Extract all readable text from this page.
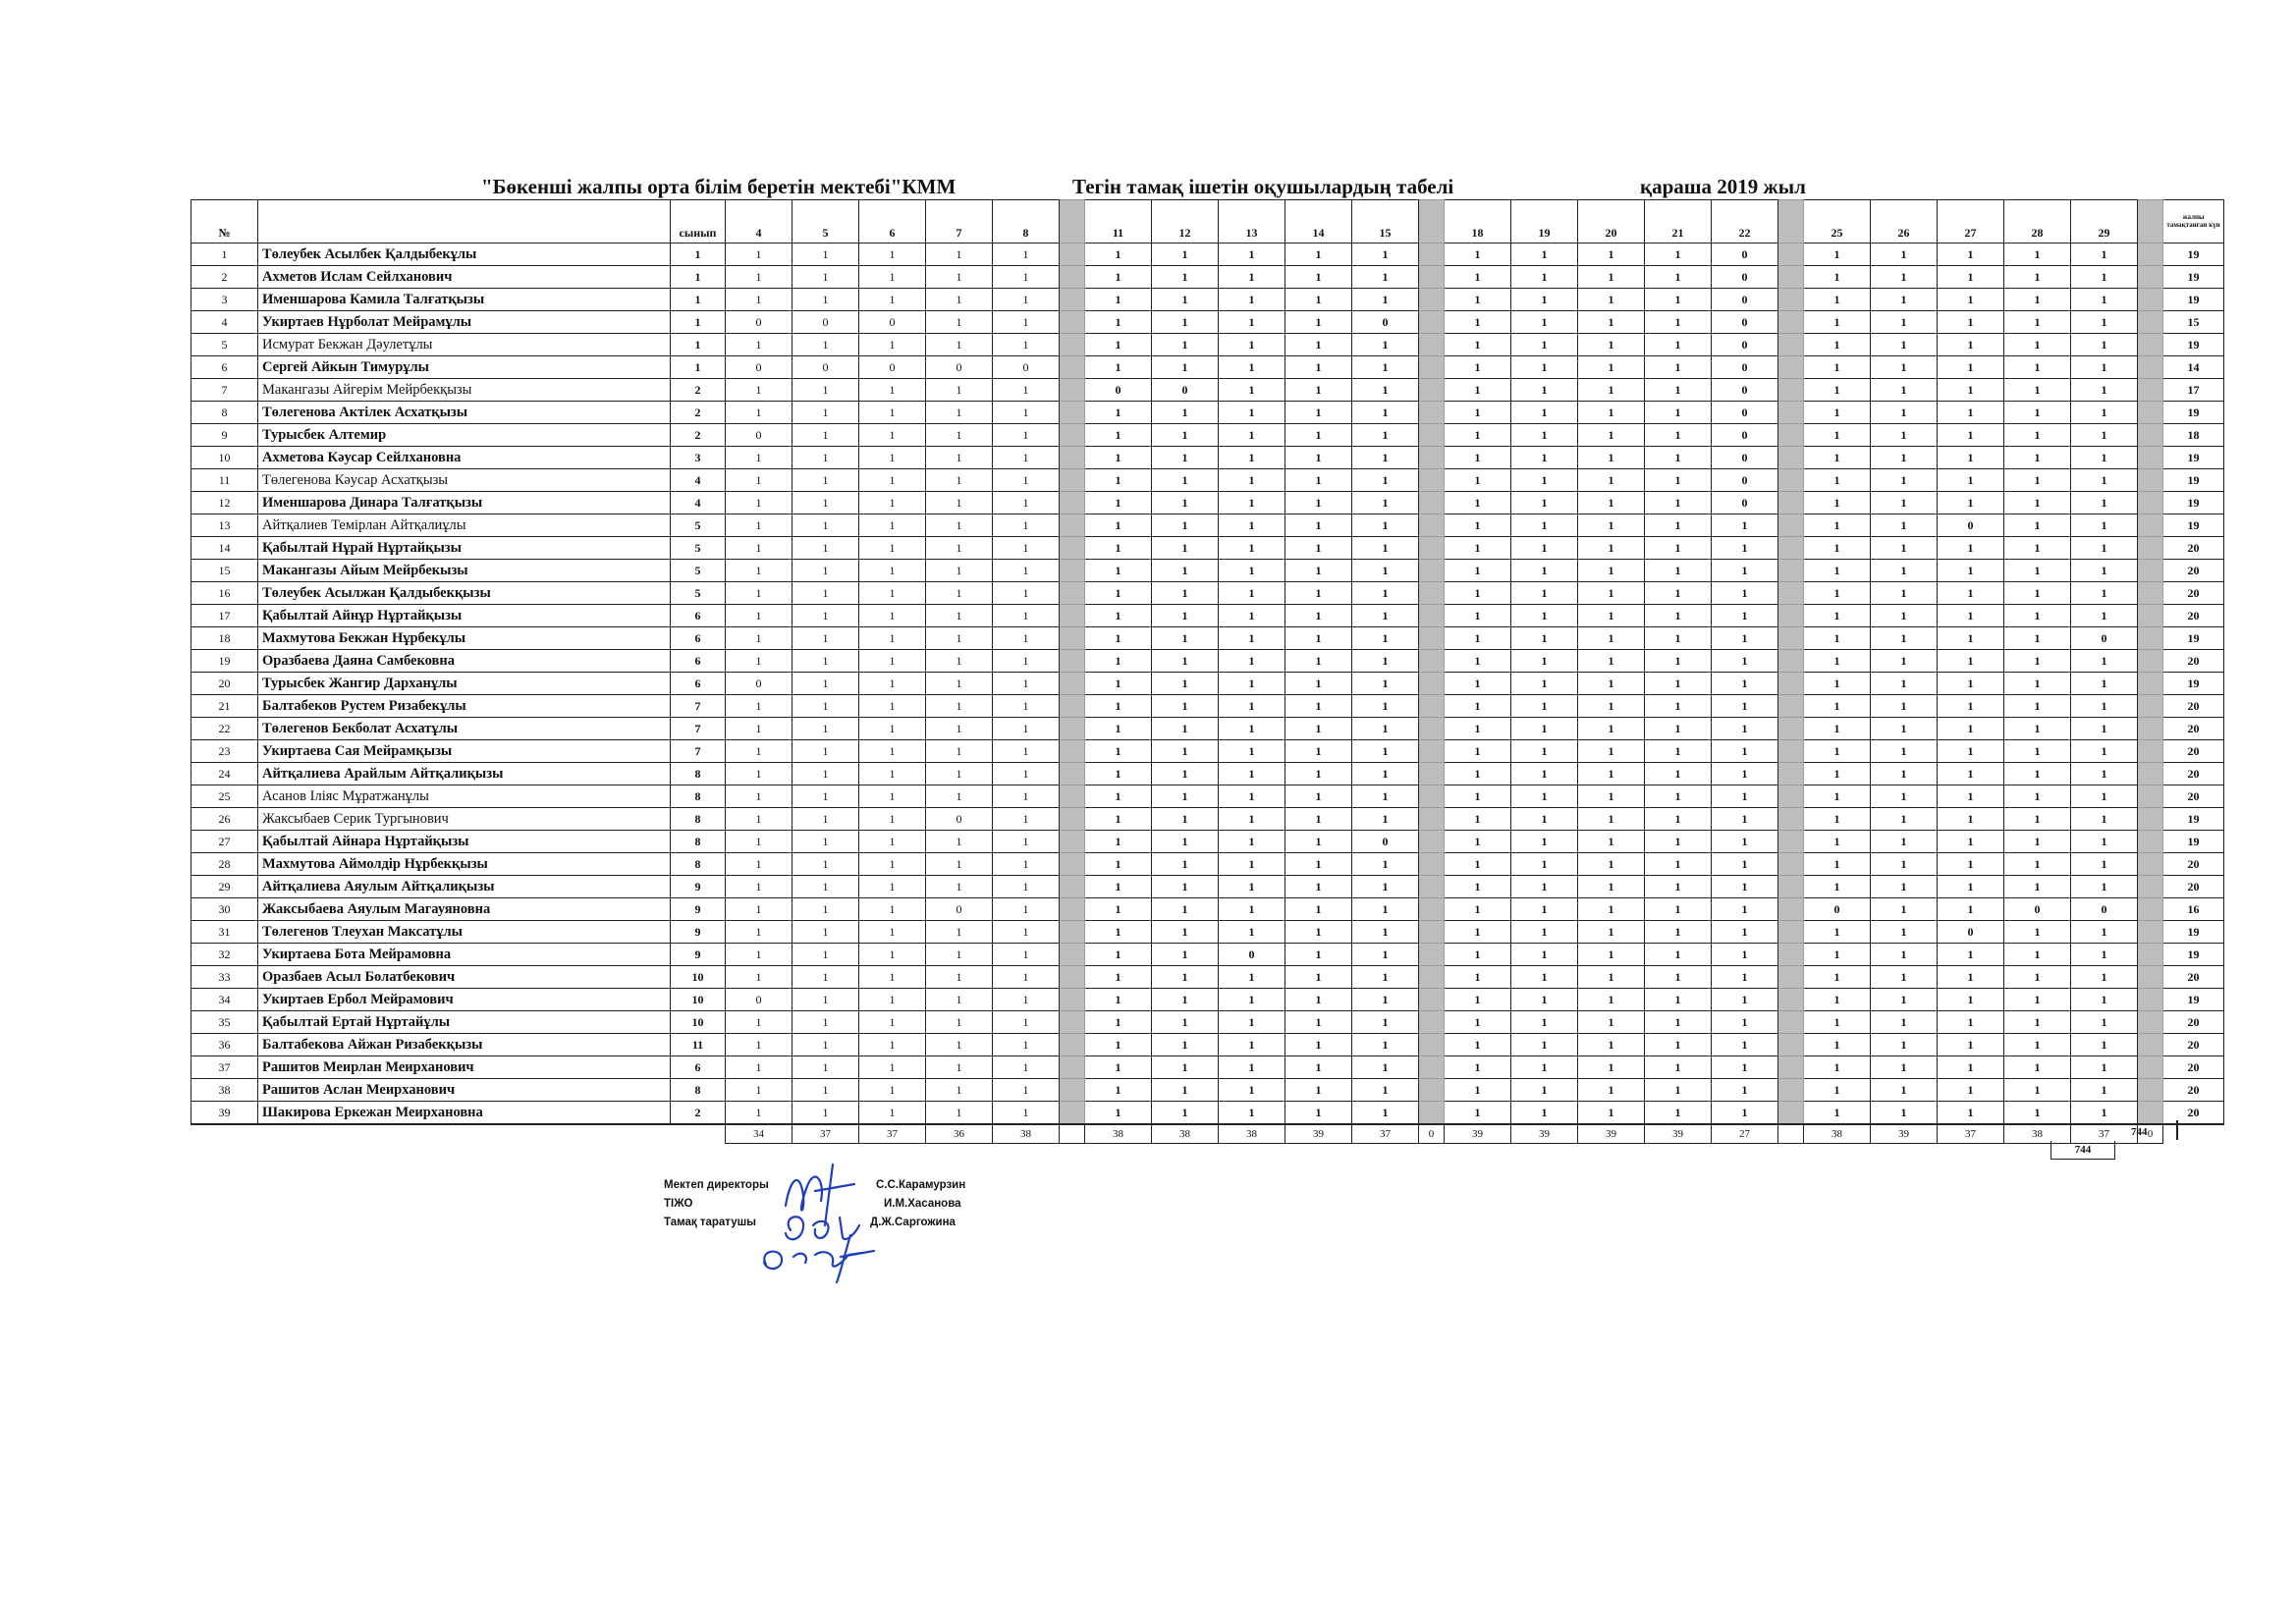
"Бөкенші жалпы орта білім беретін мектебі"КММ	Тегін тамақ ішетін оқушылардың табелі	қараша 2019 жыл
№		сынып	4	5	6	7	8		11	12	13	14	15		18	19	20	21	22		25	26	27	28	29		жалпы тамақтанған күн
1	Төлеубек Асылбек Қалдыбекұлы	1	1	1	1	1	1		1	1	1	1	1		1	1	1	1	0		1	1	1	1	1		19
2	Ахметов Ислам Сейлханович	1	1	1	1	1	1		1	1	1	1	1		1	1	1	1	0		1	1	1	1	1		19
3	Именшарова Камила Талғатқызы	1	1	1	1	1	1		1	1	1	1	1		1	1	1	1	0		1	1	1	1	1		19
4	Укиртаев Нұрболат Мейрамұлы	1	0	0	0	1	1		1	1	1	1	0		1	1	1	1	0		1	1	1	1	1		15
5	Исмурат Бекжан Дәулетұлы	1	1	1	1	1	1		1	1	1	1	1		1	1	1	1	0		1	1	1	1	1		19
6	Сергей Айкын Тимурұлы	1	0	0	0	0	0		1	1	1	1	1		1	1	1	1	0		1	1	1	1	1		14
7	Макангазы Айгерім Мейрбекқызы	2	1	1	1	1	1		0	0	1	1	1		1	1	1	1	0		1	1	1	1	1		17
8	Төлегенова Актілек Асхатқызы	2	1	1	1	1	1		1	1	1	1	1		1	1	1	1	0		1	1	1	1	1		19
9	Турысбек Алтемир	2	0	1	1	1	1		1	1	1	1	1		1	1	1	1	0		1	1	1	1	1		18
10	Ахметова Кәусар Сейлхановна	3	1	1	1	1	1		1	1	1	1	1		1	1	1	1	0		1	1	1	1	1		19
11	Төлегенова Кәусар Асхатқызы	4	1	1	1	1	1		1	1	1	1	1		1	1	1	1	0		1	1	1	1	1		19
12	Именшарова Динара Талғатқызы	4	1	1	1	1	1		1	1	1	1	1		1	1	1	1	0		1	1	1	1	1		19
13	Айтқалиев Темірлан Айтқалиұлы	5	1	1	1	1	1		1	1	1	1	1		1	1	1	1	1		1	1	0	1	1		19
14	Қабылтай Нұрай Нұртайқызы	5	1	1	1	1	1		1	1	1	1	1		1	1	1	1	1		1	1	1	1	1		20
15	Макангазы Айым Мейрбекызы	5	1	1	1	1	1		1	1	1	1	1		1	1	1	1	1		1	1	1	1	1		20
16	Төлеубек Асылжан Қалдыбекқызы	5	1	1	1	1	1		1	1	1	1	1		1	1	1	1	1		1	1	1	1	1		20
17	Қабылтай Айнұр Нұртайқызы	6	1	1	1	1	1		1	1	1	1	1		1	1	1	1	1		1	1	1	1	1		20
18	Махмутова Бекжан Нұрбекұлы	6	1	1	1	1	1		1	1	1	1	1		1	1	1	1	1		1	1	1	1	0		19
19	Оразбаева Даяна Самбековна	6	1	1	1	1	1		1	1	1	1	1		1	1	1	1	1		1	1	1	1	1		20
20	Турысбек Жангир Дарханұлы	6	0	1	1	1	1		1	1	1	1	1		1	1	1	1	1		1	1	1	1	1		19
21	Балтабеков Рустем Ризабекұлы	7	1	1	1	1	1		1	1	1	1	1		1	1	1	1	1		1	1	1	1	1		20
22	Төлегенов Бекболат Асхатұлы	7	1	1	1	1	1		1	1	1	1	1		1	1	1	1	1		1	1	1	1	1		20
23	Укиртаева Сая Мейрамқызы	7	1	1	1	1	1		1	1	1	1	1		1	1	1	1	1		1	1	1	1	1		20
24	Айтқалиева Арайлым Айтқалиқызы	8	1	1	1	1	1		1	1	1	1	1		1	1	1	1	1		1	1	1	1	1		20
25	Асанов Іліяс Мұратжанұлы	8	1	1	1	1	1		1	1	1	1	1		1	1	1	1	1		1	1	1	1	1		20
26	Жаксыбаев Серик Тургынович	8	1	1	1	0	1		1	1	1	1	1		1	1	1	1	1		1	1	1	1	1		19
27	Қабылтай Айнара Нұртайқызы	8	1	1	1	1	1		1	1	1	1	0		1	1	1	1	1		1	1	1	1	1		19
28	Махмутова Аймолдір Нұрбекқызы	8	1	1	1	1	1		1	1	1	1	1		1	1	1	1	1		1	1	1	1	1		20
29	Айтқалиева Аяулым Айтқалиқызы	9	1	1	1	1	1		1	1	1	1	1		1	1	1	1	1		1	1	1	1	1		20
30	Жаксыбаева Аяулым Магауяновна	9	1	1	1	0	1		1	1	1	1	1		1	1	1	1	1		0	1	1	0	0		16
31	Төлегенов Тлеухан Максатұлы	9	1	1	1	1	1		1	1	1	1	1		1	1	1	1	1		1	1	0	1	1		19
32	Укиртаева Бота Мейрамовна	9	1	1	1	1	1		1	1	0	1	1		1	1	1	1	1		1	1	1	1	1		19
33	Оразбаев Асыл Болатбекович	10	1	1	1	1	1		1	1	1	1	1		1	1	1	1	1		1	1	1	1	1		20
34	Укиртаев Ербол Мейрамович	10	0	1	1	1	1		1	1	1	1	1		1	1	1	1	1		1	1	1	1	1		19
35	Қабылтай Ертай Нұртайұлы	10	1	1	1	1	1		1	1	1	1	1		1	1	1	1	1		1	1	1	1	1		20
36	Балтабекова Айжан Ризабекқызы	11	1	1	1	1	1		1	1	1	1	1		1	1	1	1	1		1	1	1	1	1		20
37	Рашитов Меирлан Меирханович	6	1	1	1	1	1		1	1	1	1	1		1	1	1	1	1		1	1	1	1	1		20
38	Рашитов Аслан Меирханович	8	1	1	1	1	1		1	1	1	1	1		1	1	1	1	1		1	1	1	1	1		20
39	Шакирова Еркежан Меирхановна	2	1	1	1	1	1		1	1	1	1	1		1	1	1	1	1		1	1	1	1	1		20
			34	37	37	36	38		38	38	38	39	37	0	39	39	39	39	27		38	39	37	38	37	0	
744
744
Мектеп директоры	С.С.Карамурзин
ТІЖО	И.М.Хасанова
Тамақ таратушы	Д.Ж.Саргожина
